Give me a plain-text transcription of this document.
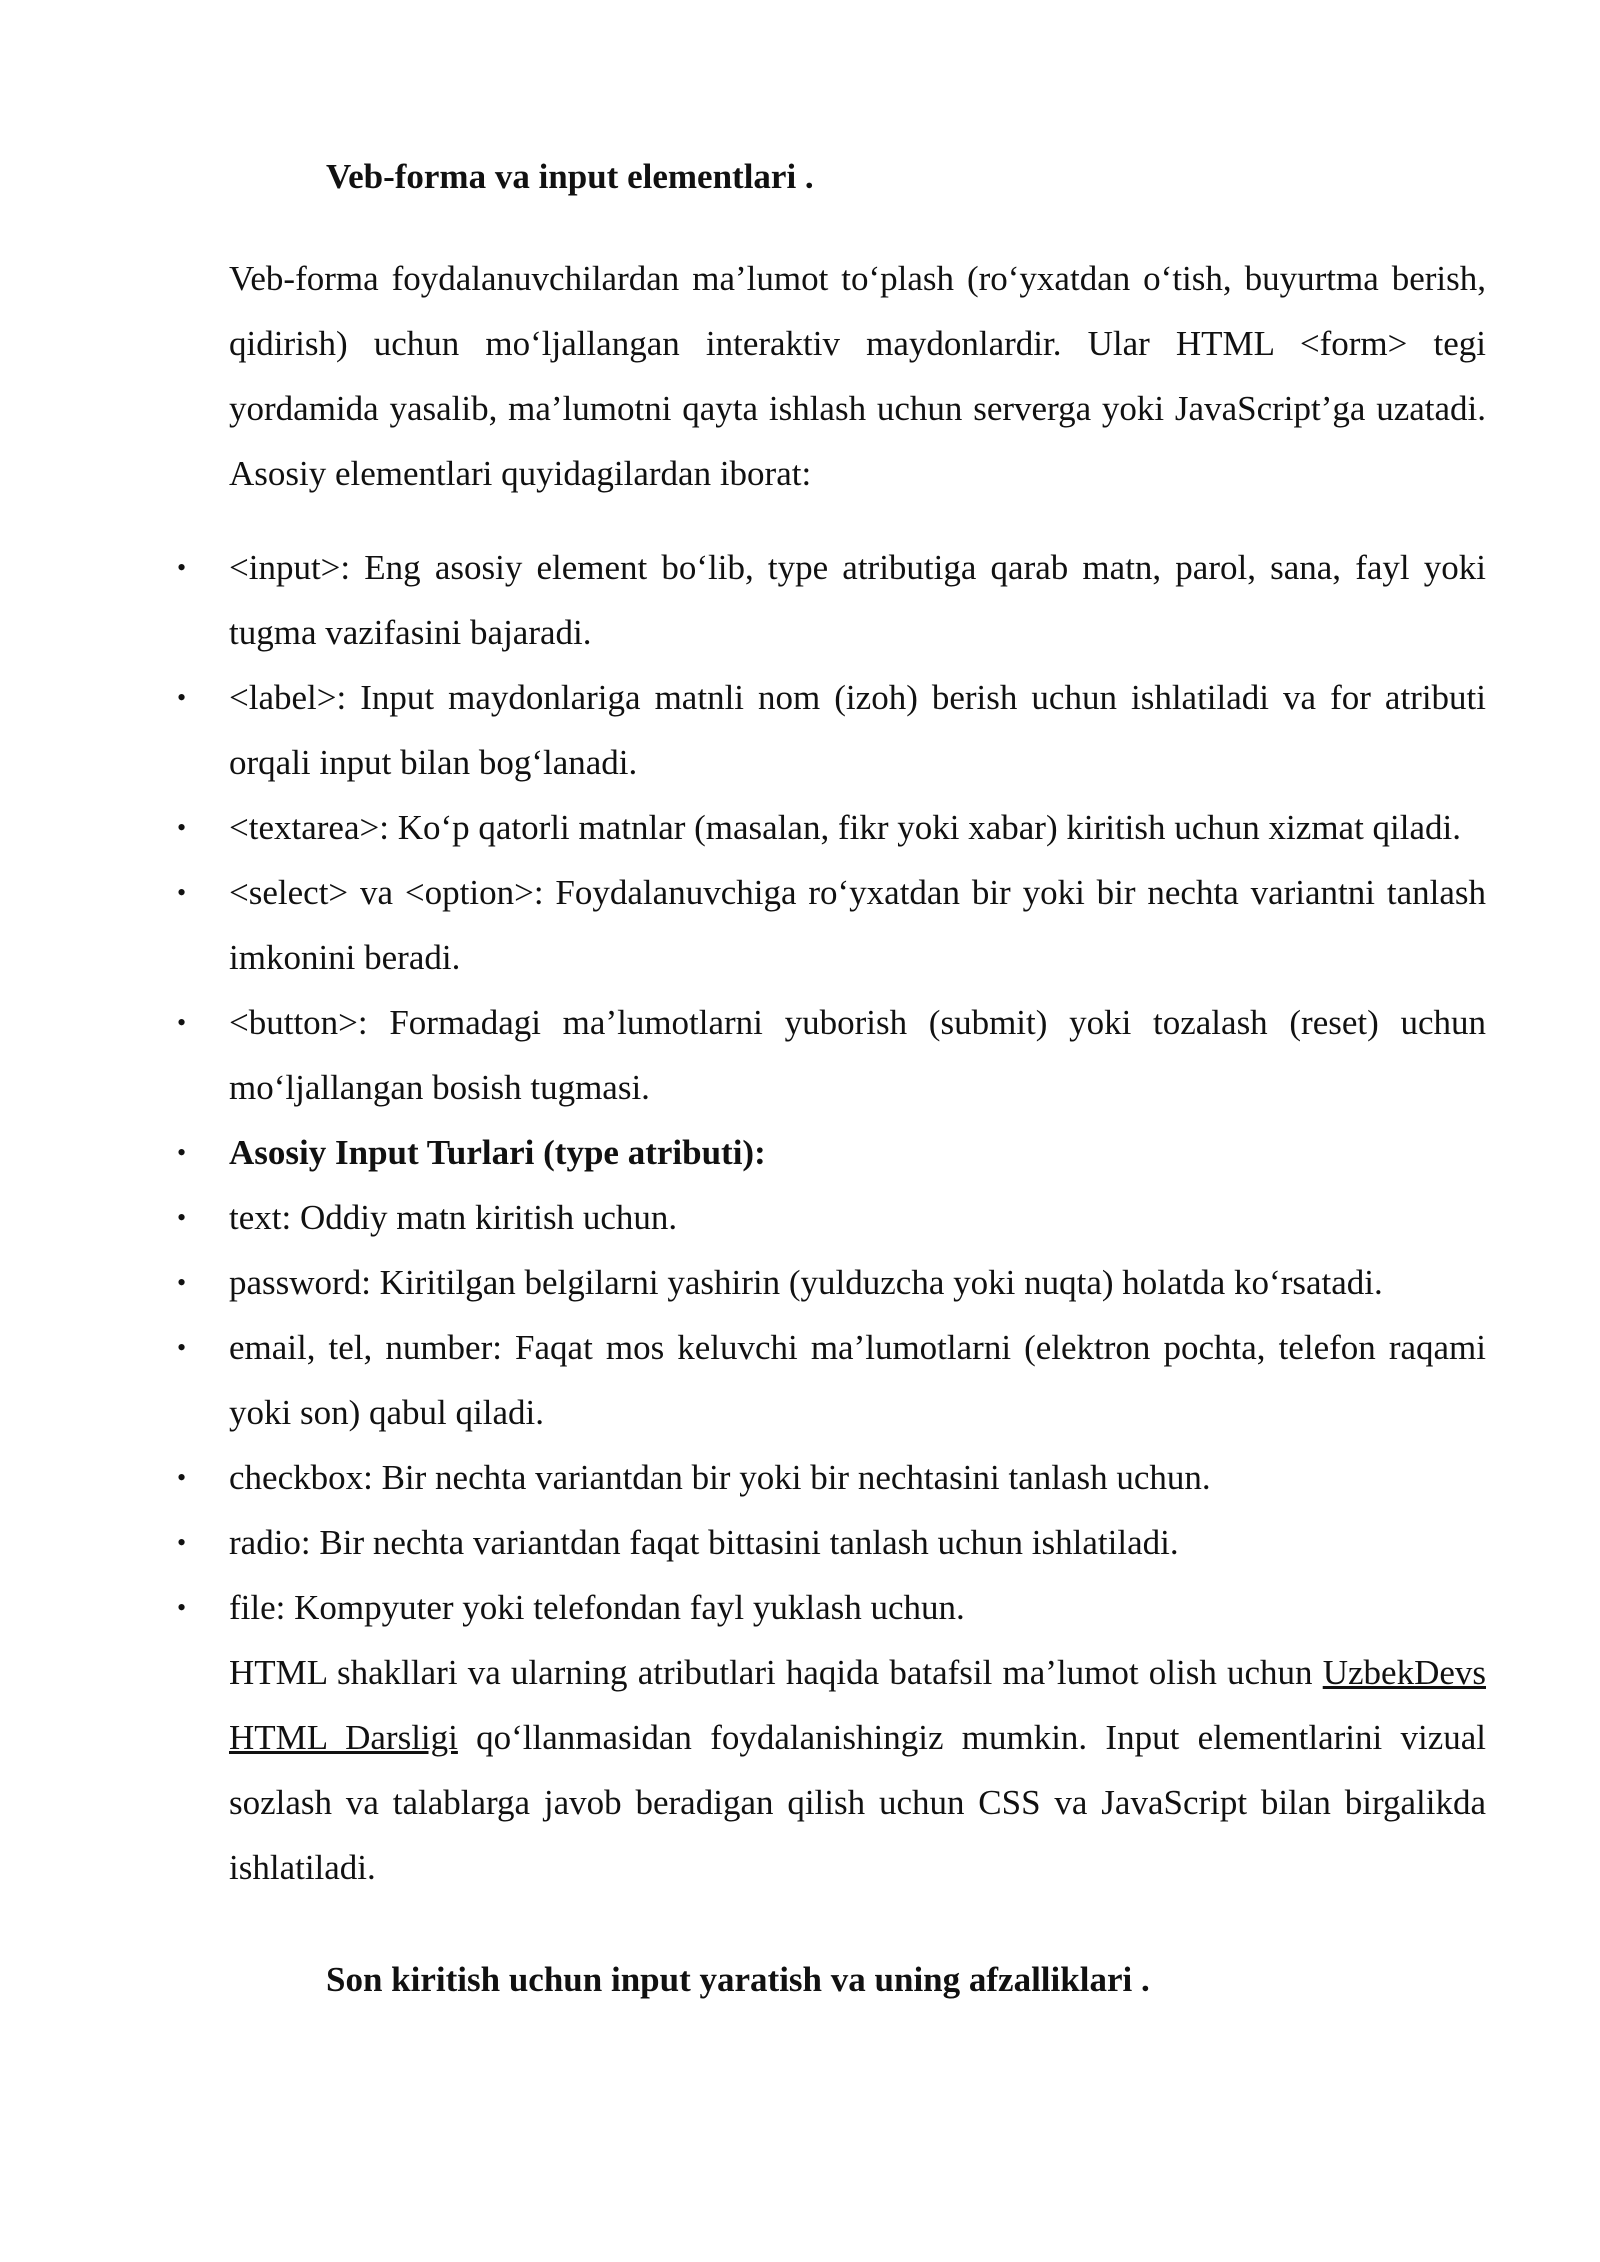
Veb-forma va input elementlari .

Veb-forma foydalanuvchilardan ma’lumot to‘plash (ro‘yxatdan o‘tish, buyurtma berish, qidirish) uchun mo‘ljallangan interaktiv maydonlardir. Ular HTML <form> tegi yordamida yasalib, ma’lumotni qayta ishlash uchun serverga yoki JavaScript’ga uzatadi. Asosiy elementlari quyidagilardan iborat:

• <input>: Eng asosiy element bo‘lib, type atributiga qarab matn, parol, sana, fayl yoki tugma vazifasini bajaradi.
• <label>: Input maydonlariga matnli nom (izoh) berish uchun ishlatiladi va for atributi orqali input bilan bog‘lanadi.
• <textarea>: Ko‘p qatorli matnlar (masalan, fikr yoki xabar) kiritish uchun xizmat qiladi.
• <select> va <option>: Foydalanuvchiga ro‘yxatdan bir yoki bir nechta variantni tanlash imkonini beradi.
• <button>: Formadagi ma’lumotlarni yuborish (submit) yoki tozalash (reset) uchun mo‘ljallangan bosish tugmasi.
• Asosiy Input Turlari (type atributi):
• text: Oddiy matn kiritish uchun.
• password: Kiritilgan belgilarni yashirin (yulduzcha yoki nuqta) holatda ko‘rsatadi.
• email, tel, number: Faqat mos keluvchi ma’lumotlarni (elektron pochta, telefon raqami yoki son) qabul qiladi.
• checkbox: Bir nechta variantdan bir yoki bir nechtasini tanlash uchun.
• radio: Bir nechta variantdan faqat bittasini tanlash uchun ishlatiladi.
• file: Kompyuter yoki telefondan fayl yuklash uchun.

HTML shakllari va ularning atributlari haqida batafsil ma’lumot olish uchun UzbekDevs HTML Darsligi qo‘llanmasidan foydalanishingiz mumkin. Input elementlarini vizual sozlash va talablarga javob beradigan qilish uchun CSS va JavaScript bilan birgalikda ishlatiladi.

Son kiritish uchun input yaratish va uning afzalliklari .
